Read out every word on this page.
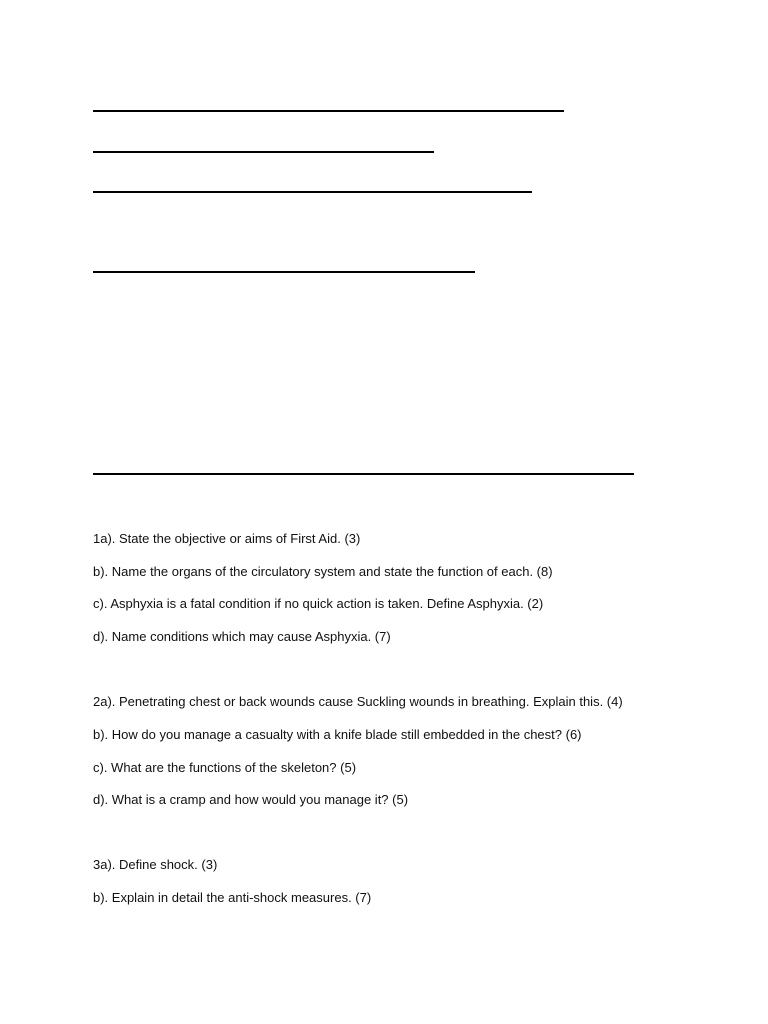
1a). State the objective or aims of First Aid. (3)
b). Name the organs of the circulatory system and state the function of each. (8)
c). Asphyxia is a fatal condition if no quick action is taken. Define Asphyxia. (2)
d). Name conditions which may cause Asphyxia. (7)
2a). Penetrating chest or back wounds cause Suckling wounds in breathing. Explain this. (4)
b). How do you manage a casualty with a knife blade still embedded in the chest? (6)
c). What are the functions of the skeleton? (5)
d). What is a cramp and how would you manage it? (5)
3a). Define shock. (3)
b). Explain in detail the anti-shock measures. (7)
